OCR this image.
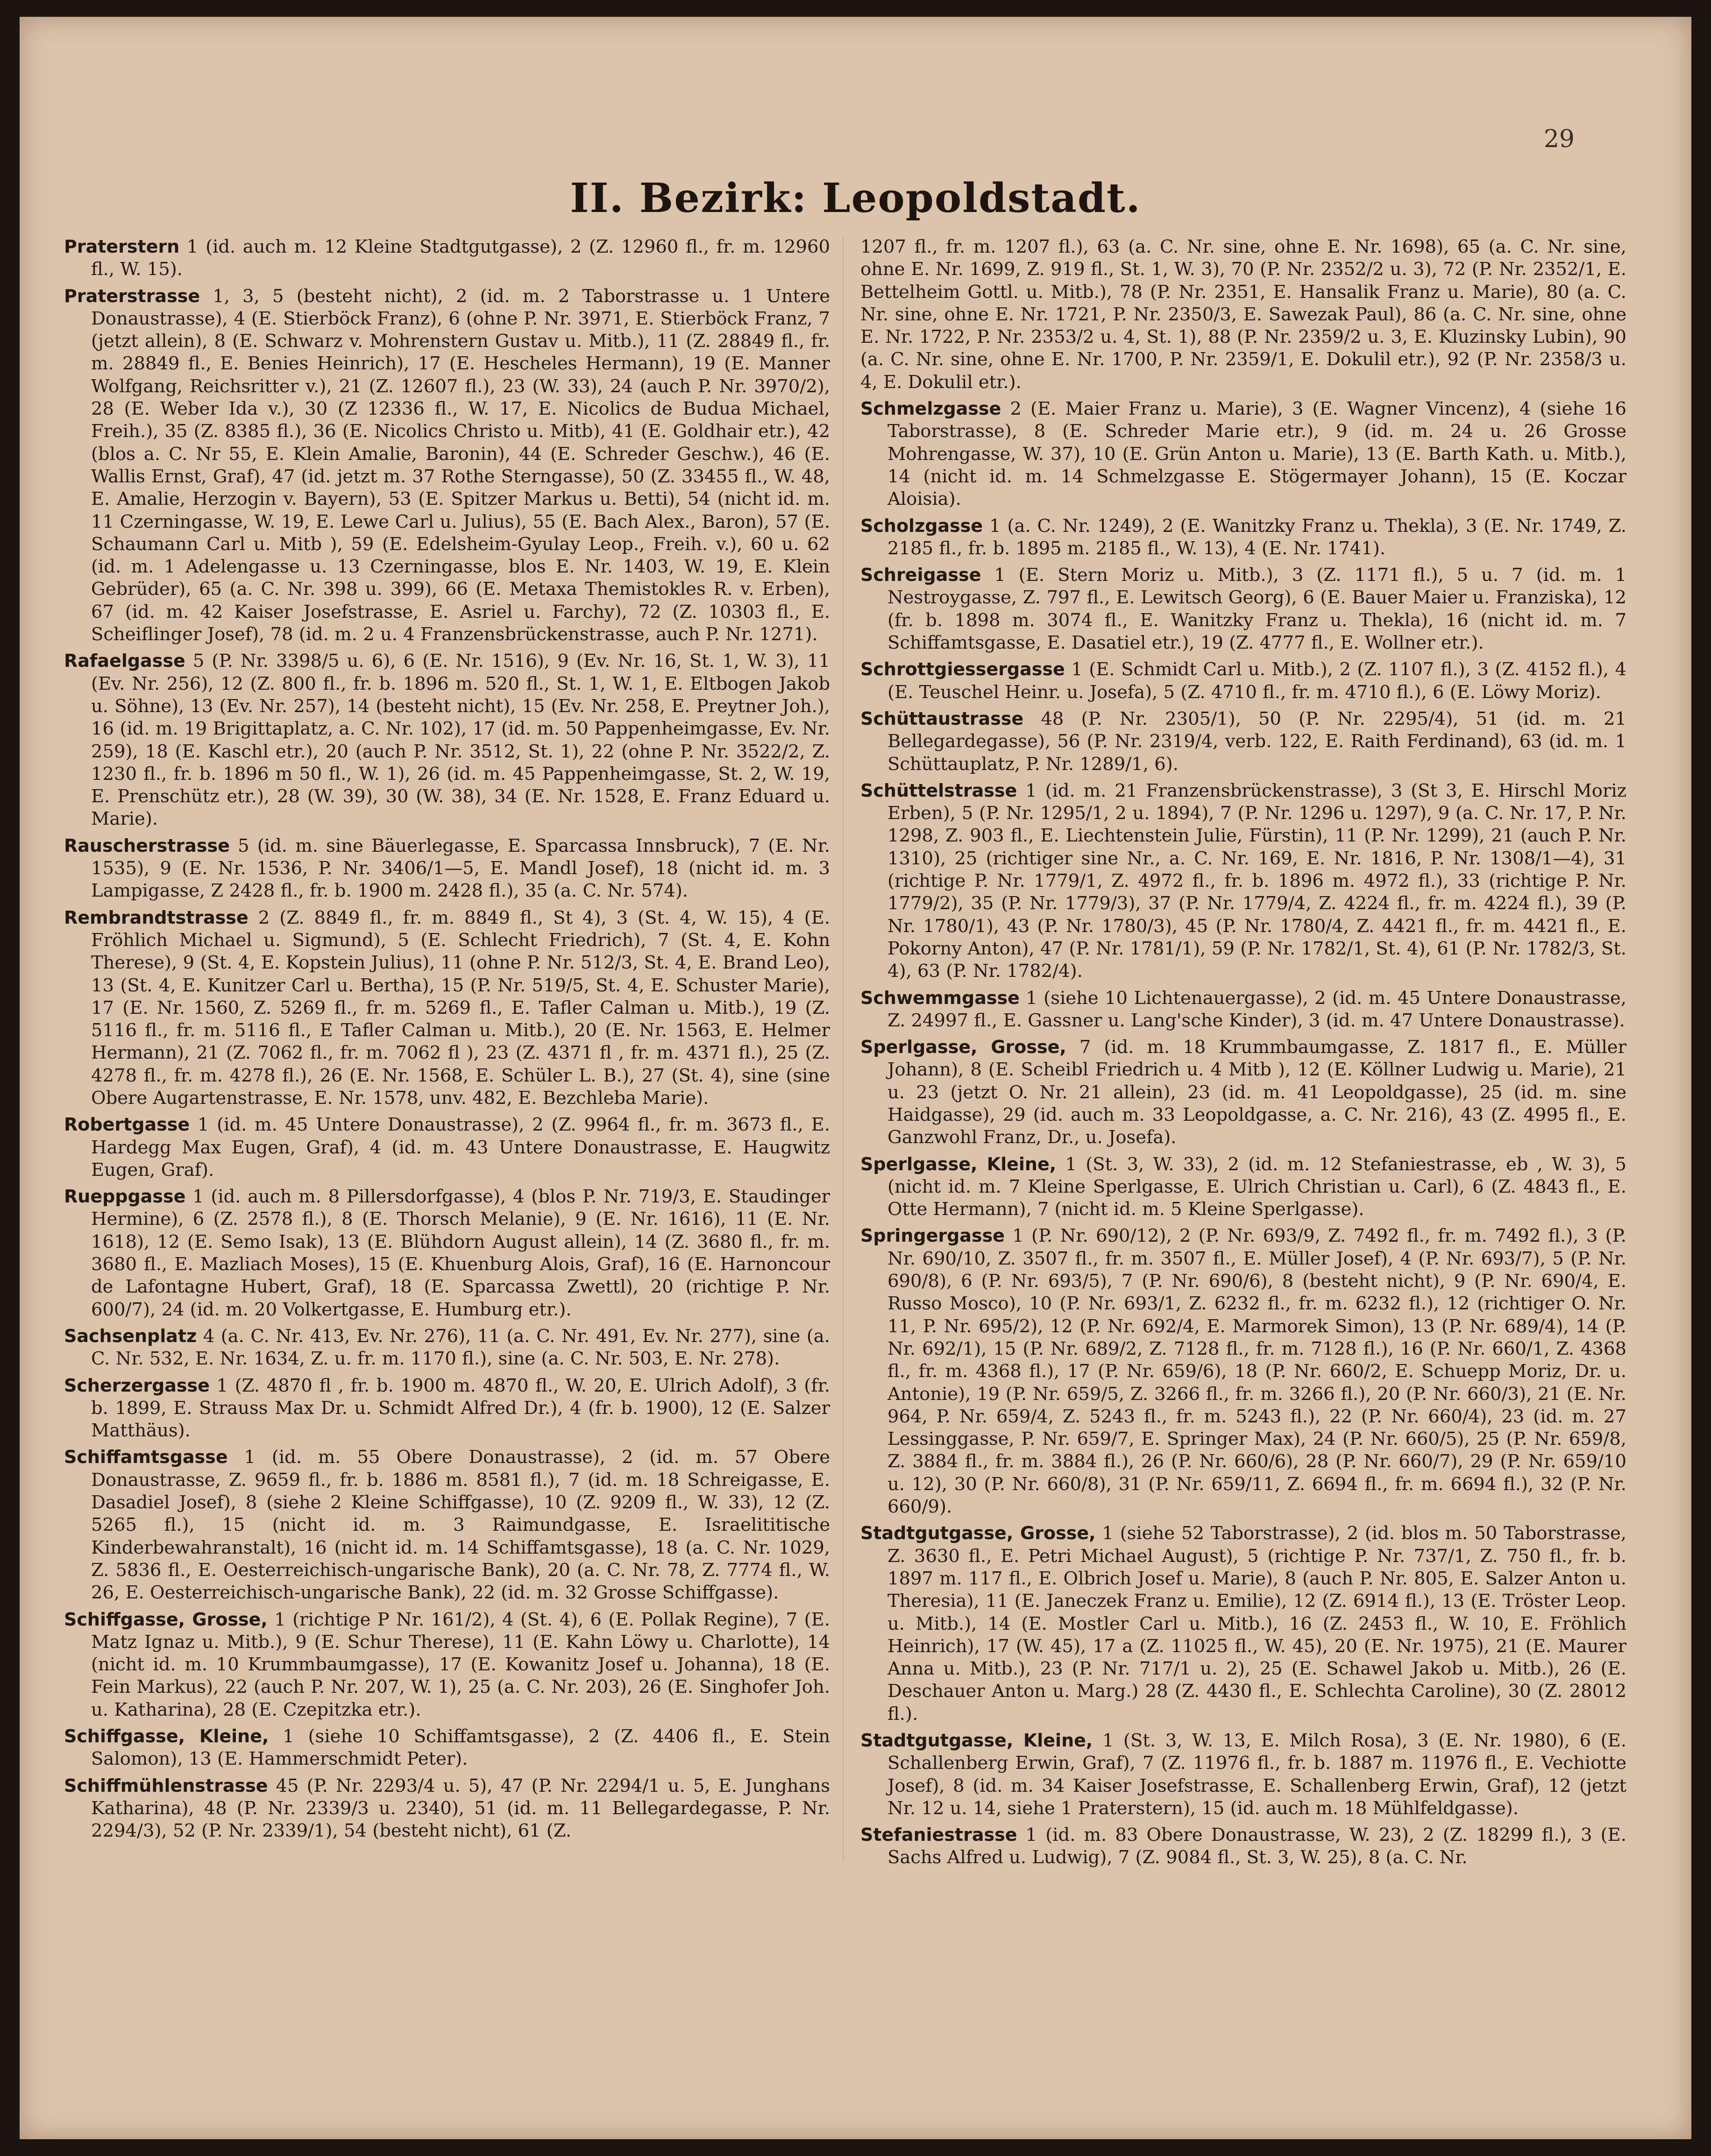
29
II. Bezirk: Leopoldstadt.

Praterstern 1 (id. auch m. 12 Kleine Stadtgutgasse), 2 (Z. 12960 fl., fr. m. 12960 fl., W. 15).

Praterstrasse 1, 3, 5 (besteht nicht), 2 (id. m. 2 Taborstrasse u. 1 Untere Donaustrasse), 4 (E. Stierböck Franz), 6 (ohne P. Nr. 3971, E. Stierböck Franz, 7 (jetzt allein), 8 (E. Schwarz v. Mohrenstern Gustav u. Mitb.), 11 (Z. 28849 fl., fr. m. 28849 fl., E. Benies Heinrich), 17 (E. Hescheles Hermann), 19 (E. Manner Wolfgang, Reichsritter v.), 21 (Z. 12607 fl.), 23 (W. 33), 24 (auch P. Nr. 3970/2), 28 (E. Weber Ida v.), 30 (Z 12336 fl., W. 17, E. Nicolics de Budua Michael, Freih.), 35 (Z. 8385 fl.), 36 (E. Nicolics Christo u. Mitb), 41 (E. Goldhair etr.), 42 (blos a. C. Nr 55, E. Klein Amalie, Baronin), 44 (E. Schreder Geschw.), 46 (E. Wallis Ernst, Graf), 47 (id. jetzt m. 37 Rothe Sterngasse), 50 (Z. 33455 fl., W. 48, E. Amalie, Herzogin v. Bayern), 53 (E. Spitzer Markus u. Betti), 54 (nicht id. m. 11 Czerningasse, W. 19, E. Lewe Carl u. Julius), 55 (E. Bach Alex., Baron), 57 (E. Schaumann Carl u. Mitb ), 59 (E. Edelsheim-Gyulay Leop., Freih. v.), 60 u. 62 (id. m. 1 Adelengasse u. 13 Czerningasse, blos E. Nr. 1403, W. 19, E. Klein Gebrüder), 65 (a. C. Nr. 398 u. 399), 66 (E. Metaxa Themistokles R. v. Erben), 67 (id. m. 42 Kaiser Josefstrasse, E. Asriel u. Farchy), 72 (Z. 10303 fl., E. Scheiflinger Josef), 78 (id. m. 2 u. 4 Franzensbrückenstrasse, auch P. Nr. 1271).

Rafaelgasse 5 (P. Nr. 3398/5 u. 6), 6 (E. Nr. 1516), 9 (Ev. Nr. 16, St. 1, W. 3), 11 (Ev. Nr. 256), 12 (Z. 800 fl., fr. b. 1896 m. 520 fl., St. 1, W. 1, E. Eltbogen Jakob u. Söhne), 13 (Ev. Nr. 257), 14 (besteht nicht), 15 (Ev. Nr. 258, E. Preytner Joh.), 16 (id. m. 19 Brigittaplatz, a. C. Nr. 102), 17 (id. m. 50 Pappenheimgasse, Ev. Nr. 259), 18 (E. Kaschl etr.), 20 (auch P. Nr. 3512, St. 1), 22 (ohne P. Nr. 3522/2, Z. 1230 fl., fr. b. 1896 m 50 fl., W. 1), 26 (id. m. 45 Pappenheimgasse, St. 2, W. 19, E. Prenschütz etr.), 28 (W. 39), 30 (W. 38), 34 (E. Nr. 1528, E. Franz Eduard u. Marie).

Rauscherstrasse 5 (id. m. sine Bäuerlegasse, E. Sparcassa Innsbruck), 7 (E. Nr. 1535), 9 (E. Nr. 1536, P. Nr. 3406/1—5, E. Mandl Josef), 18 (nicht id. m. 3 Lampigasse, Z 2428 fl., fr. b. 1900 m. 2428 fl.), 35 (a. C. Nr. 574).

Rembrandtstrasse 2 (Z. 8849 fl., fr. m. 8849 fl., St 4), 3 (St. 4, W. 15), 4 (E. Fröhlich Michael u. Sigmund), 5 (E. Schlecht Friedrich), 7 (St. 4, E. Kohn Therese), 9 (St. 4, E. Kopstein Julius), 11 (ohne P. Nr. 512/3, St. 4, E. Brand Leo), 13 (St. 4, E. Kunitzer Carl u. Bertha), 15 (P. Nr. 519/5, St. 4, E. Schuster Marie), 17 (E. Nr. 1560, Z. 5269 fl., fr. m. 5269 fl., E. Tafler Calman u. Mitb.), 19 (Z. 5116 fl., fr. m. 5116 fl., E Tafler Calman u. Mitb.), 20 (E. Nr. 1563, E. Helmer Hermann), 21 (Z. 7062 fl., fr. m. 7062 fl ), 23 (Z. 4371 fl , fr. m. 4371 fl.), 25 (Z. 4278 fl., fr. m. 4278 fl.), 26 (E. Nr. 1568, E. Schüler L. B.), 27 (St. 4), sine (sine Obere Augartenstrasse, E. Nr. 1578, unv. 482, E. Bezchleba Marie).

Robertgasse 1 (id. m. 45 Untere Donaustrasse), 2 (Z. 9964 fl., fr. m. 3673 fl., E. Hardegg Max Eugen, Graf), 4 (id. m. 43 Untere Donaustrasse, E. Haugwitz Eugen, Graf).

Rueppgasse 1 (id. auch m. 8 Pillersdorfgasse), 4 (blos P. Nr. 719/3, E. Staudinger Hermine), 6 (Z. 2578 fl.), 8 (E. Thorsch Melanie), 9 (E. Nr. 1616), 11 (E. Nr. 1618), 12 (E. Semo Isak), 13 (E. Blühdorn August allein), 14 (Z. 3680 fl., fr. m. 3680 fl., E. Mazliach Moses), 15 (E. Khuenburg Alois, Graf), 16 (E. Harnoncour de Lafontagne Hubert, Graf), 18 (E. Sparcassa Zwettl), 20 (richtige P. Nr. 600/7), 24 (id. m. 20 Volkertgasse, E. Humburg etr.).

Sachsenplatz 4 (a. C. Nr. 413, Ev. Nr. 276), 11 (a. C. Nr. 491, Ev. Nr. 277), sine (a. C. Nr. 532, E. Nr. 1634, Z. u. fr. m. 1170 fl.), sine (a. C. Nr. 503, E. Nr. 278).

Scherzergasse 1 (Z. 4870 fl , fr. b. 1900 m. 4870 fl., W. 20, E. Ulrich Adolf), 3 (fr. b. 1899, E. Strauss Max Dr. u. Schmidt Alfred Dr.), 4 (fr. b. 1900), 12 (E. Salzer Matthäus).

Schiffamtsgasse 1 (id. m. 55 Obere Donaustrasse), 2 (id. m. 57 Obere Donaustrasse, Z. 9659 fl., fr. b. 1886 m. 8581 fl.), 7 (id. m. 18 Schreigasse, E. Dasadiel Josef), 8 (siehe 2 Kleine Schiffgasse), 10 (Z. 9209 fl., W. 33), 12 (Z. 5265 fl.), 15 (nicht id. m. 3 Raimundgasse, E. Israelititische Kinderbewahranstalt), 16 (nicht id. m. 14 Schiffamtsgasse), 18 (a. C. Nr. 1029, Z. 5836 fl., E. Oesterreichisch-ungarische Bank), 20 (a. C. Nr. 78, Z. 7774 fl., W. 26, E. Oesterreichisch-ungarische Bank), 22 (id. m. 32 Grosse Schiffgasse).

Schiffgasse, Grosse, 1 (richtige P Nr. 161/2), 4 (St. 4), 6 (E. Pollak Regine), 7 (E. Matz Ignaz u. Mitb.), 9 (E. Schur Therese), 11 (E. Kahn Löwy u. Charlotte), 14 (nicht id. m. 10 Krummbaumgasse), 17 (E. Kowanitz Josef u. Johanna), 18 (E. Fein Markus), 22 (auch P. Nr. 207, W. 1), 25 (a. C. Nr. 203), 26 (E. Singhofer Joh. u. Katharina), 28 (E. Czepitzka etr.).

Schiffgasse, Kleine, 1 (siehe 10 Schiffamtsgasse), 2 (Z. 4406 fl., E. Stein Salomon), 13 (E. Hammerschmidt Peter).

Schiffmühlenstrasse 45 (P. Nr. 2293/4 u. 5), 47 (P. Nr. 2294/1 u. 5, E. Junghans Katharina), 48 (P. Nr. 2339/3 u. 2340), 51 (id. m. 11 Bellegardegasse, P. Nr. 2294/3), 52 (P. Nr. 2339/1), 54 (besteht nicht), 61 (Z.

1207 fl., fr. m. 1207 fl.), 63 (a. C. Nr. sine, ohne E. Nr. 1698), 65 (a. C. Nr. sine, ohne E. Nr. 1699, Z. 919 fl., St. 1, W. 3), 70 (P. Nr. 2352/2 u. 3), 72 (P. Nr. 2352/1, E. Bettelheim Gottl. u. Mitb.), 78 (P. Nr. 2351, E. Hansalik Franz u. Marie), 80 (a. C. Nr. sine, ohne E. Nr. 1721, P. Nr. 2350/3, E. Sawezak Paul), 86 (a. C. Nr. sine, ohne E. Nr. 1722, P. Nr. 2353/2 u. 4, St. 1), 88 (P. Nr. 2359/2 u. 3, E. Kluzinsky Lubin), 90 (a. C. Nr. sine, ohne E. Nr. 1700, P. Nr. 2359/1, E. Dokulil etr.), 92 (P. Nr. 2358/3 u. 4, E. Dokulil etr.).

Schmelzgasse 2 (E. Maier Franz u. Marie), 3 (E. Wagner Vincenz), 4 (siehe 16 Taborstrasse), 8 (E. Schreder Marie etr.), 9 (id. m. 24 u. 26 Grosse Mohrengasse, W. 37), 10 (E. Grün Anton u. Marie), 13 (E. Barth Kath. u. Mitb.), 14 (nicht id. m. 14 Schmelzgasse E. Stögermayer Johann), 15 (E. Koczar Aloisia).

Scholzgasse 1 (a. C. Nr. 1249), 2 (E. Wanitzky Franz u. Thekla), 3 (E. Nr. 1749, Z. 2185 fl., fr. b. 1895 m. 2185 fl., W. 13), 4 (E. Nr. 1741).

Schreigasse 1 (E. Stern Moriz u. Mitb.), 3 (Z. 1171 fl.), 5 u. 7 (id. m. 1 Nestroygasse, Z. 797 fl., E. Lewitsch Georg), 6 (E. Bauer Maier u. Franziska), 12 (fr. b. 1898 m. 3074 fl., E. Wanitzky Franz u. Thekla), 16 (nicht id. m. 7 Schiffamtsgasse, E. Dasatiel etr.), 19 (Z. 4777 fl., E. Wollner etr.).

Schrottgiessergasse 1 (E. Schmidt Carl u. Mitb.), 2 (Z. 1107 fl.), 3 (Z. 4152 fl.), 4 (E. Teuschel Heinr. u. Josefa), 5 (Z. 4710 fl., fr. m. 4710 fl.), 6 (E. Löwy Moriz).

Schüttaustrasse 48 (P. Nr. 2305/1), 50 (P. Nr. 2295/4), 51 (id. m. 21 Bellegardegasse), 56 (P. Nr. 2319/4, verb. 122, E. Raith Ferdinand), 63 (id. m. 1 Schüttauplatz, P. Nr. 1289/1, 6).

Schüttelstrasse 1 (id. m. 21 Franzensbrückenstrasse), 3 (St 3, E. Hirschl Moriz Erben), 5 (P. Nr. 1295/1, 2 u. 1894), 7 (P. Nr. 1296 u. 1297), 9 (a. C. Nr. 17, P. Nr. 1298, Z. 903 fl., E. Liechtenstein Julie, Fürstin), 11 (P. Nr. 1299), 21 (auch P. Nr. 1310), 25 (richtiger sine Nr., a. C. Nr. 169, E. Nr. 1816, P. Nr. 1308/1—4), 31 (richtige P. Nr. 1779/1, Z. 4972 fl., fr. b. 1896 m. 4972 fl.), 33 (richtige P. Nr. 1779/2), 35 (P. Nr. 1779/3), 37 (P. Nr. 1779/4, Z. 4224 fl., fr. m. 4224 fl.), 39 (P. Nr. 1780/1), 43 (P. Nr. 1780/3), 45 (P. Nr. 1780/4, Z. 4421 fl., fr. m. 4421 fl., E. Pokorny Anton), 47 (P. Nr. 1781/1), 59 (P. Nr. 1782/1, St. 4), 61 (P. Nr. 1782/3, St. 4), 63 (P. Nr. 1782/4).

Schwemmgasse 1 (siehe 10 Lichtenauergasse), 2 (id. m. 45 Untere Donaustrasse, Z. 24997 fl., E. Gassner u. Lang'sche Kinder), 3 (id. m. 47 Untere Donaustrasse).

Sperlgasse, Grosse, 7 (id. m. 18 Krummbaumgasse, Z. 1817 fl., E. Müller Johann), 8 (E. Scheibl Friedrich u. 4 Mitb ), 12 (E. Köllner Ludwig u. Marie), 21 u. 23 (jetzt O. Nr. 21 allein), 23 (id. m. 41 Leopoldgasse), 25 (id. m. sine Haidgasse), 29 (id. auch m. 33 Leopoldgasse, a. C. Nr. 216), 43 (Z. 4995 fl., E. Ganzwohl Franz, Dr., u. Josefa).

Sperlgasse, Kleine, 1 (St. 3, W. 33), 2 (id. m. 12 Stefaniestrasse, eb , W. 3), 5 (nicht id. m. 7 Kleine Sperlgasse, E. Ulrich Christian u. Carl), 6 (Z. 4843 fl., E. Otte Hermann), 7 (nicht id. m. 5 Kleine Sperlgasse).

Springergasse 1 (P. Nr. 690/12), 2 (P. Nr. 693/9, Z. 7492 fl., fr. m. 7492 fl.), 3 (P. Nr. 690/10, Z. 3507 fl., fr. m. 3507 fl., E. Müller Josef), 4 (P. Nr. 693/7), 5 (P. Nr. 690/8), 6 (P. Nr. 693/5), 7 (P. Nr. 690/6), 8 (besteht nicht), 9 (P. Nr. 690/4, E. Russo Mosco), 10 (P. Nr. 693/1, Z. 6232 fl., fr. m. 6232 fl.), 12 (richtiger O. Nr. 11, P. Nr. 695/2), 12 (P. Nr. 692/4, E. Marmorek Simon), 13 (P. Nr. 689/4), 14 (P. Nr. 692/1), 15 (P. Nr. 689/2, Z. 7128 fl., fr. m. 7128 fl.), 16 (P. Nr. 660/1, Z. 4368 fl., fr. m. 4368 fl.), 17 (P. Nr. 659/6), 18 (P. Nr. 660/2, E. Schuepp Moriz, Dr. u. Antonie), 19 (P. Nr. 659/5, Z. 3266 fl., fr. m. 3266 fl.), 20 (P. Nr. 660/3), 21 (E. Nr. 964, P. Nr. 659/4, Z. 5243 fl., fr. m. 5243 fl.), 22 (P. Nr. 660/4), 23 (id. m. 27 Lessinggasse, P. Nr. 659/7, E. Springer Max), 24 (P. Nr. 660/5), 25 (P. Nr. 659/8, Z. 3884 fl., fr. m. 3884 fl.), 26 (P. Nr. 660/6), 28 (P. Nr. 660/7), 29 (P. Nr. 659/10 u. 12), 30 (P. Nr. 660/8), 31 (P. Nr. 659/11, Z. 6694 fl., fr. m. 6694 fl.), 32 (P. Nr. 660/9).

Stadtgutgasse, Grosse, 1 (siehe 52 Taborstrasse), 2 (id. blos m. 50 Taborstrasse, Z. 3630 fl., E. Petri Michael August), 5 (richtige P. Nr. 737/1, Z. 750 fl., fr. b. 1897 m. 117 fl., E. Olbrich Josef u. Marie), 8 (auch P. Nr. 805, E. Salzer Anton u. Theresia), 11 (E. Janeczek Franz u. Emilie), 12 (Z. 6914 fl.), 13 (E. Tröster Leop. u. Mitb.), 14 (E. Mostler Carl u. Mitb.), 16 (Z. 2453 fl., W. 10, E. Fröhlich Heinrich), 17 (W. 45), 17 a (Z. 11025 fl., W. 45), 20 (E. Nr. 1975), 21 (E. Maurer Anna u. Mitb.), 23 (P. Nr. 717/1 u. 2), 25 (E. Schawel Jakob u. Mitb.), 26 (E. Deschauer Anton u. Marg.) 28 (Z. 4430 fl., E. Schlechta Caroline), 30 (Z. 28012 fl.).

Stadtgutgasse, Kleine, 1 (St. 3, W. 13, E. Milch Rosa), 3 (E. Nr. 1980), 6 (E. Schallenberg Erwin, Graf), 7 (Z. 11976 fl., fr. b. 1887 m. 11976 fl., E. Vechiotte Josef), 8 (id. m. 34 Kaiser Josefstrasse, E. Schallenberg Erwin, Graf), 12 (jetzt Nr. 12 u. 14, siehe 1 Praterstern), 15 (id. auch m. 18 Mühlfeldgasse).

Stefaniestrasse 1 (id. m. 83 Obere Donaustrasse, W. 23), 2 (Z. 18299 fl.), 3 (E. Sachs Alfred u. Ludwig), 7 (Z. 9084 fl., St. 3, W. 25), 8 (a. C. Nr.
